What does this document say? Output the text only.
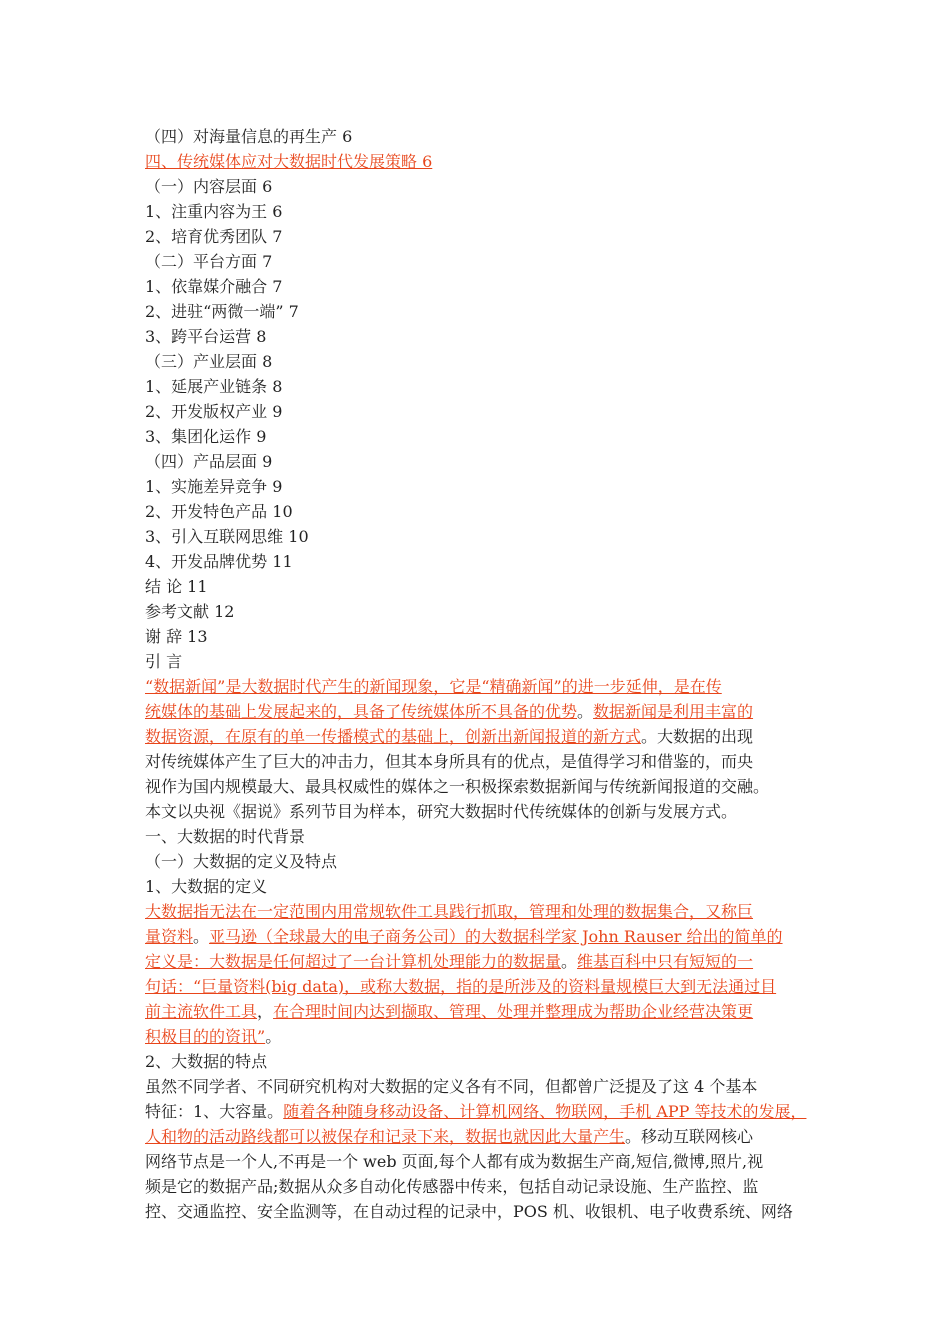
（四）对海量信息的再生产 6
四、传统媒体应对大数据时代发展策略 6
（一）内容层面 6
1、注重内容为王 6
2、培育优秀团队 7
（二）平台方面 7
1、依靠媒介融合 7
2、进驻“两微一端” 7
3、跨平台运营 8
（三）产业层面 8
1、延展产业链条 8
2、开发版权产业 9
3、集团化运作 9
（四）产品层面 9
1、实施差异竞争 9
2、开发特色产品 10
3、引入互联网思维 10
4、开发品牌优势 11
结 论 11
参考文献 12
谢 辞 13
引 言
“数据新闻”是大数据时代产生的新闻现象，它是“精确新闻”的进一步延伸，是在传
统媒体的基础上发展起来的，具备了传统媒体所不具备的优势。数据新闻是利用丰富的
数据资源，在原有的单一传播模式的基础上，创新出新闻报道的新方式。大数据的出现
对传统媒体产生了巨大的冲击力，但其本身所具有的优点，是值得学习和借鉴的，而央
视作为国内规模最大、最具权威性的媒体之一积极探索数据新闻与传统新闻报道的交融。
本文以央视《据说》系列节目为样本，研究大数据时代传统媒体的创新与发展方式。
一、大数据的时代背景
（一）大数据的定义及特点
1、大数据的定义
大数据指无法在一定范围内用常规软件工具践行抓取，管理和处理的数据集合，又称巨
量资料。亚马逊（全球最大的电子商务公司）的大数据科学家 John Rauser 给出的简单的
定义是：大数据是任何超过了一台计算机处理能力的数据量。维基百科中只有短短的一
句话：“巨量资料(big data)，或称大数据，指的是所涉及的资料量规模巨大到无法通过目
前主流软件工具，在合理时间内达到撷取、管理、处理并整理成为帮助企业经营决策更
积极目的的资讯”。
2、大数据的特点
虽然不同学者、不同研究机构对大数据的定义各有不同，但都曾广泛提及了这 4 个基本
特征：1、大容量。随着各种随身移动设备、计算机网络、物联网，手机 APP 等技术的发展，
人和物的活动路线都可以被保存和记录下来，数据也就因此大量产生。移动互联网核心
网络节点是一个人,不再是一个 web 页面,每个人都有成为数据生产商,短信,微博,照片,视
频是它的数据产品;数据从众多自动化传感器中传来，包括自动记录设施、生产监控、监
控、交通监控、安全监测等，在自动过程的记录中，POS 机、收银机、电子收费系统、网络
